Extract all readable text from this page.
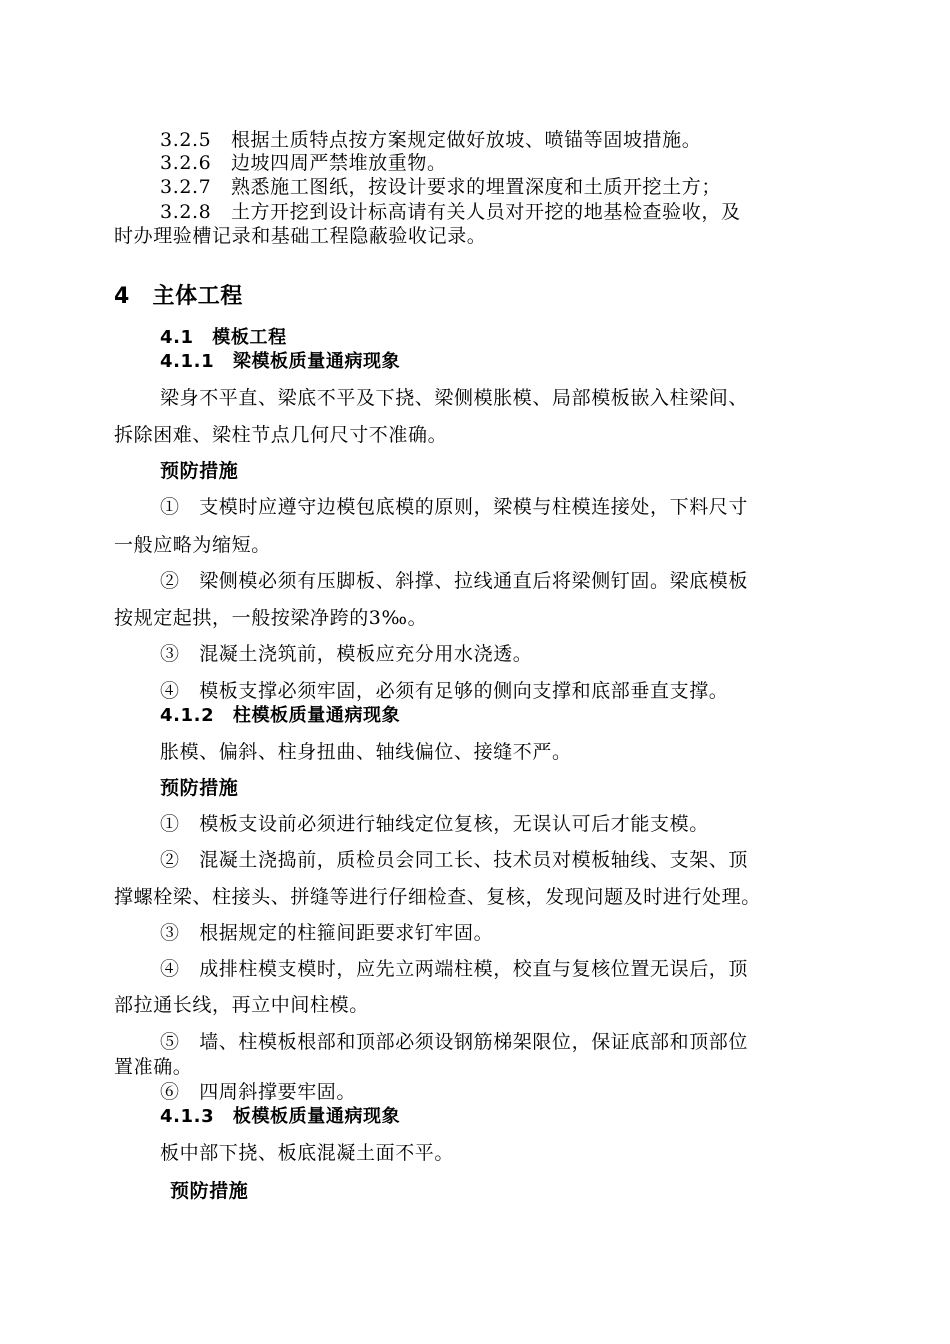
3.2.5　根据土质特点按方案规定做好放坡、喷锚等固坡措施。
3.2.6　边坡四周严禁堆放重物。
3.2.7　熟悉施工图纸，按设计要求的埋置深度和土质开挖土方；
3.2.8　土方开挖到设计标高请有关人员对开挖的地基检查验收，及
时办理验槽记录和基础工程隐蔽验收记录。
4　主体工程
4.1　模板工程
4.1.1　梁模板质量通病现象
梁身不平直、梁底不平及下挠、梁侧模胀模、局部模板嵌入柱梁间、
拆除困难、梁柱节点几何尺寸不准确。
预防措施
①　支模时应遵守边模包底模的原则，梁模与柱模连接处，下料尺寸
一般应略为缩短。
②　梁侧模必须有压脚板、斜撑、拉线通直后将梁侧钉固。梁底模板
按规定起拱，一般按梁净跨的3‰。
③　混凝土浇筑前，模板应充分用水浇透。
④　模板支撑必须牢固，必须有足够的侧向支撑和底部垂直支撑。
4.1.2　柱模板质量通病现象
胀模、偏斜、柱身扭曲、轴线偏位、接缝不严。
预防措施
①　模板支设前必须进行轴线定位复核，无误认可后才能支模。
②　混凝土浇捣前，质检员会同工长、技术员对模板轴线、支架、顶
撑螺栓梁、柱接头、拼缝等进行仔细检查、复核，发现问题及时进行处理。
③　根据规定的柱箍间距要求钉牢固。
④　成排柱模支模时，应先立两端柱模，校直与复核位置无误后，顶
部拉通长线，再立中间柱模。
⑤　墙、柱模板根部和顶部必须设钢筋梯架限位，保证底部和顶部位
置准确。
⑥　四周斜撑要牢固。
4.1.3　板模板质量通病现象
板中部下挠、板底混凝土面不平。
预防措施
